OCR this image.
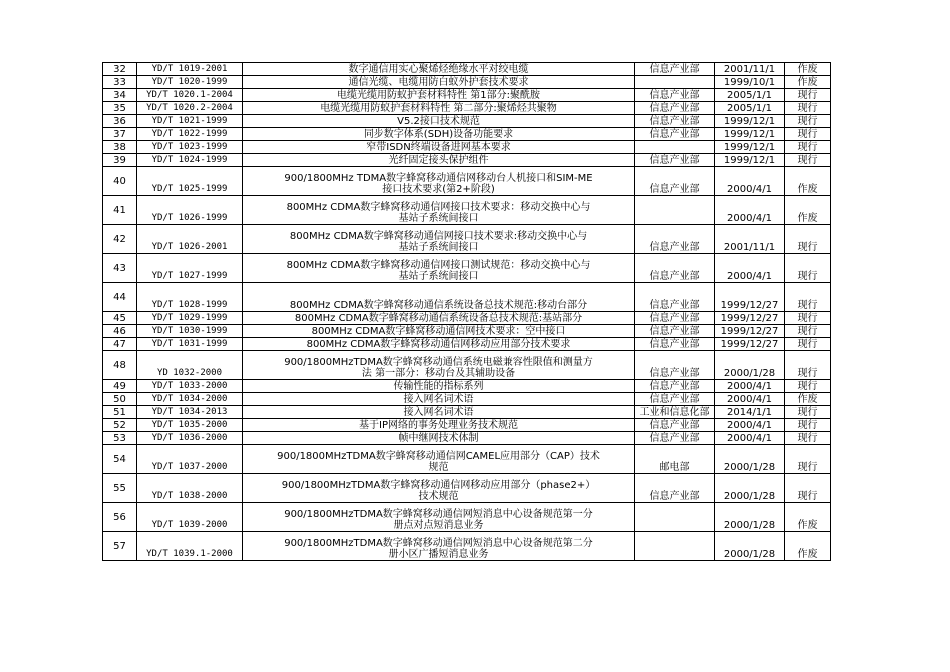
32	YD/T 1019-2001	数字通信用实心聚烯烃绝缘水平对绞电缆	信息产业部	2001/11/1	作废
33	YD/T 1020-1999	通信光缆、电缆用防白蚁外护套技术要求		1999/10/1	作废
34	YD/T 1020.1-2004	电缆光缆用防蚁护套材料特性 第1部分:聚酰胺	信息产业部	2005/1/1	现行
35	YD/T 1020.2-2004	电缆光缆用防蚁护套材料特性 第二部分:聚烯烃共聚物	信息产业部	2005/1/1	现行
36	YD/T 1021-1999	V5.2接口技术规范	信息产业部	1999/12/1	现行
37	YD/T 1022-1999	同步数字体系(SDH)设备功能要求	信息产业部	1999/12/1	现行
38	YD/T 1023-1999	窄带ISDN终端设备进网基本要求		1999/12/1	现行
39	YD/T 1024-1999	光纤固定接头保护组件	信息产业部	1999/12/1	现行
40	YD/T 1025-1999	900/1800MHz TDMA数字蜂窝移动通信网移动台人机接口和SIM-ME
接口技术要求(第2+阶段)	信息产业部	2000/4/1	作废
41	YD/T 1026-1999	800MHz CDMA数字蜂窝移动通信网接口技术要求：移动交换中心与
基站子系统间接口		2000/4/1	作废
42	YD/T 1026-2001	800MHz CDMA数字蜂窝移动通信网接口技术要求:移动交换中心与
基站子系统间接口	信息产业部	2001/11/1	现行
43	YD/T 1027-1999	800MHz CDMA数字蜂窝移动通信网接口测试规范：移动交换中心与
基站子系统间接口	信息产业部	2000/4/1	现行
44	YD/T 1028-1999	800MHz CDMA数字蜂窝移动通信系统设备总技术规范:移动台部分	信息产业部	1999/12/27	现行
45	YD/T 1029-1999	800MHz CDMA数字蜂窝移动通信系统设备总技术规范:基站部分	信息产业部	1999/12/27	现行
46	YD/T 1030-1999	800MHz CDMA数字蜂窝移动通信网技术要求：空中接口	信息产业部	1999/12/27	现行
47	YD/T 1031-1999	800MHz CDMA数字蜂窝移动通信网移动应用部分技术要求	信息产业部	1999/12/27	现行
48	YD 1032-2000	900/1800MHzTDMA数字蜂窝移动通信系统电磁兼容性限值和测量方
法 第一部分：移动台及其辅助设备	信息产业部	2000/1/28	现行
49	YD/T 1033-2000	传输性能的指标系列	信息产业部	2000/4/1	现行
50	YD/T 1034-2000	接入网名词术语	信息产业部	2000/4/1	作废
51	YD/T 1034-2013	接入网名词术语	工业和信息化部	2014/1/1	现行
52	YD/T 1035-2000	基于IP网络的事务处理业务技术规范	信息产业部	2000/4/1	现行
53	YD/T 1036-2000	帧中继网技术体制	信息产业部	2000/4/1	现行
54	YD/T 1037-2000	900/1800MHzTDMA数字蜂窝移动通信网CAMEL应用部分（CAP）技术
规范	邮电部	2000/1/28	现行
55	YD/T 1038-2000	900/1800MHzTDMA数字蜂窝移动通信网移动应用部分（phase2+）
技术规范	信息产业部	2000/1/28	现行
56	YD/T 1039-2000	900/1800MHzTDMA数字蜂窝移动通信网短消息中心设备规范第一分
册点对点短消息业务		2000/1/28	作废
57	YD/T 1039.1-2000	900/1800MHzTDMA数字蜂窝移动通信网短消息中心设备规范第二分
册小区广播短消息业务		2000/1/28	作废
